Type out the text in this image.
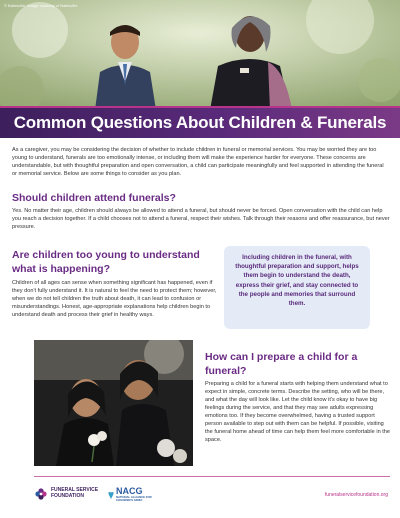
© Batesville. Image courtesy of Batesville
Common Questions About Children & Funerals

As a caregiver, you may be considering the decision of whether to include children in funeral or memorial services. You may be worried they are too young to understand, funerals are too emotionally intense, or including them will make the experience harder for everyone. These concerns are understandable, but with thoughtful preparation and open conversation, a child can participate meaningfully and feel supported in attending the funeral or memorial service. Below are some things to consider as you plan.

Should children attend funerals?

Yes. No matter their age, children should always be allowed to attend a funeral, but should never be forced. Open conversation with the child can help you reach a decision together. If a child chooses not to attend a funeral, respect their wishes. Talk through their reasons and offer reassurance, but never pressure.

Are children too young to understand what is happening?

Children of all ages can sense when something significant has happened, even if they don't fully understand it. It is natural to feel the need to protect them; however, when we do not tell children the truth about death, it can lead to confusion or misunderstandings. Honest, age-appropriate explanations help children begin to understand death and process their grief in healthy ways.

Including children in the funeral, with thoughtful preparation and support, helps them begin to understand the death, express their grief, and stay connected to the people and memories that surround them.

How can I prepare a child for a funeral?

Preparing a child for a funeral starts with helping them understand what to expect in simple, concrete terms. Describe the setting, who will be there, and what the day will look like. Let the child know it's okay to have big feelings during the service, and that they may see adults expressing emotions too. If they become overwhelmed, having a trusted support person available to step out with them can be helpful. If possible, visiting the funeral home ahead of time can help them feel more comfortable in the space.

FUNERAL SERVICE
FOUNDATION	NACG
NATIONAL ALLIANCE FOR
CHILDREN'S GRIEF
funeralservicefoundation.org
